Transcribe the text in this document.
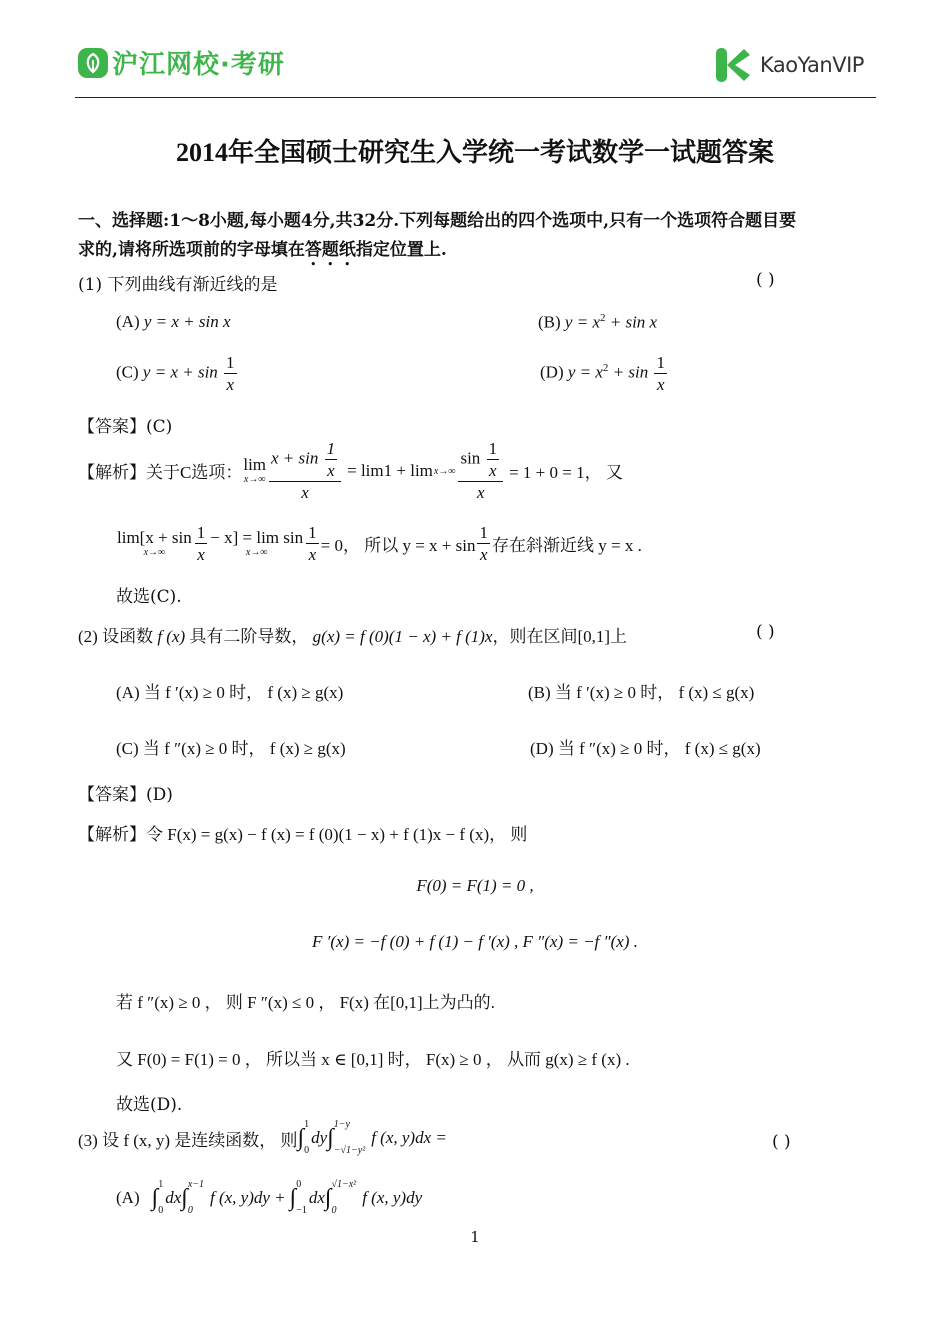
沪江网校·考研	KaoYanVIP
2014年全国硕士研究生入学统一考试数学一试题答案
一、选择题:1～8小题,每小题4分,共32分.下列每题给出的四个选项中,只有一个选项符合题目要
求的,请将所选项前的字母填在答题纸指定位置上.
(1) 下列曲线有渐近线的是	( )
(A) y = x + sin x	(B) $y = x^2 + \sin x$
(C) $y = x + \sin \frac{1}{x}$	(D) $y = x^2 + \sin \frac{1}{x}$
【答案】(C)
【解析】关于C选项： lim
$x\to\infty \frac{x + \sin \frac{1}{x}}{x} = \lim 1 + \lim x\to\infty \frac{\sin \frac{1}{x}}{x} = 1 + 0 = 1$， 又
lim[x + sin
$x\to\infty \frac{1}{x} - x] = \lim \sin$
$x\to\infty \frac{1}{x} = 0$， 所以 $y = x + \sin \frac{1}{x}$ 存在斜渐近线 y = x .
故选(C).
(2) 设函数 f (x) 具有二阶导数， g(x) = f (0)(1 − x) + f (1)x，则在区间[0,1]上	( )
(A) 当 f ′(x) ≥ 0 时， f (x) ≥ g(x)	(B) 当 f ′(x) ≥ 0 时， f (x) ≤ g(x)
(C) 当 f ″(x) ≥ 0 时， f (x) ≥ g(x)	(D) 当 f ″(x) ≥ 0 时， f (x) ≤ g(x)
【答案】(D)
【解析】令 F(x) = g(x) − f (x) = f (0)(1 − x) + f (1)x − f (x)， 则
F(0) = F(1) = 0 ,
F ′(x) = −f (0) + f (1) − f ′(x) , F ″(x) = −f ″(x) .
若 f ″(x) ≥ 0 ， 则 F ″(x) ≤ 0 ， F(x) 在[0,1]上为凸的.
又 F(0) = F(1) = 0 ， 所以当 x ∈ [0,1] 时， F(x) ≥ 0 ， 从而 g(x) ≥ f (x) .
故选(D).
(3) 设 f (x, y) 是连续函数， 则 ∫ 1
0
dy ∫ 1−y
−√1−y²
f (x, y)dx =	( )
(A) ∫ 1
0
dx ∫ x−1
0
f (x, y)dy + ∫ 0
−1
dx ∫ √1−x²
0
f (x, y)dy
1
